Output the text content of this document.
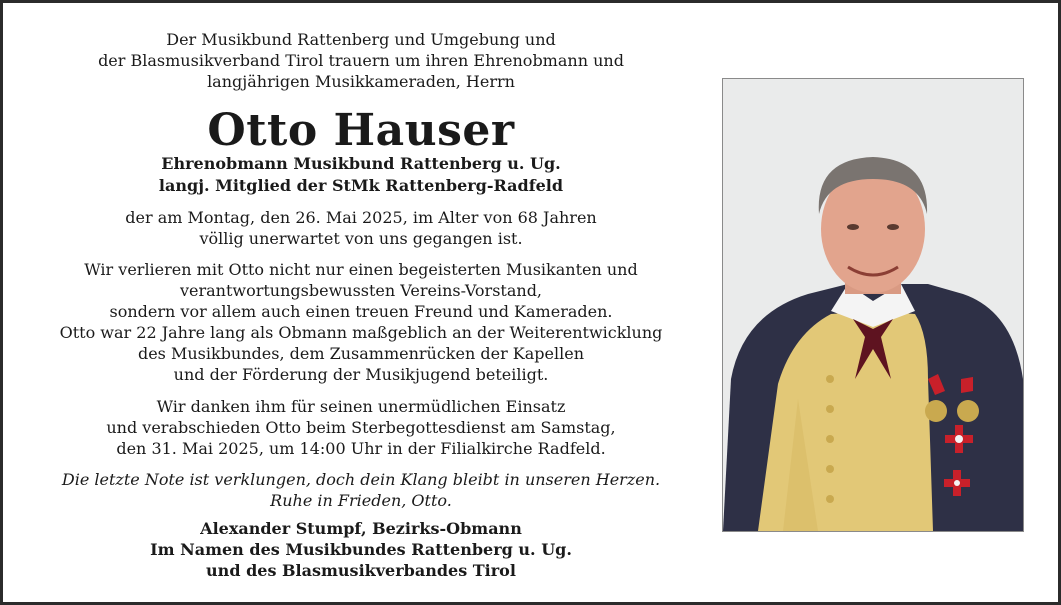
Der Musikbund Rattenberg und Umgebung und
der Blasmusikverband Tirol trauern um ihren Ehrenobmann und
langjährigen Musikkameraden, Herrn
Otto Hauser
Ehrenobmann Musikbund Rattenberg u. Ug.
langj. Mitglied der StMk Rattenberg-Radfeld
der am Montag, den 26. Mai 2025, im Alter von 68 Jahren
völlig unerwartet von uns gegangen ist.
Wir verlieren mit Otto nicht nur einen begeisterten Musikanten und
verantwortungsbewussten Vereins-Vorstand,
sondern vor allem auch einen treuen Freund und Kameraden.
Otto war 22 Jahre lang als Obmann maßgeblich an der Weiterentwicklung
des Musikbundes, dem Zusammenrücken der Kapellen
und der Förderung der Musikjugend beteiligt.
Wir danken ihm für seinen unermüdlichen Einsatz
und verabschieden Otto beim Sterbegottesdienst am Samstag,
den 31. Mai 2025, um 14:00 Uhr in der Filialkirche Radfeld.
Die letzte Note ist verklungen, doch dein Klang bleibt in unseren Herzen.
Ruhe in Frieden, Otto.
Alexander Stumpf, Bezirks-Obmann
Im Namen des Musikbundes Rattenberg u. Ug.
und des Blasmusikverbandes Tirol
